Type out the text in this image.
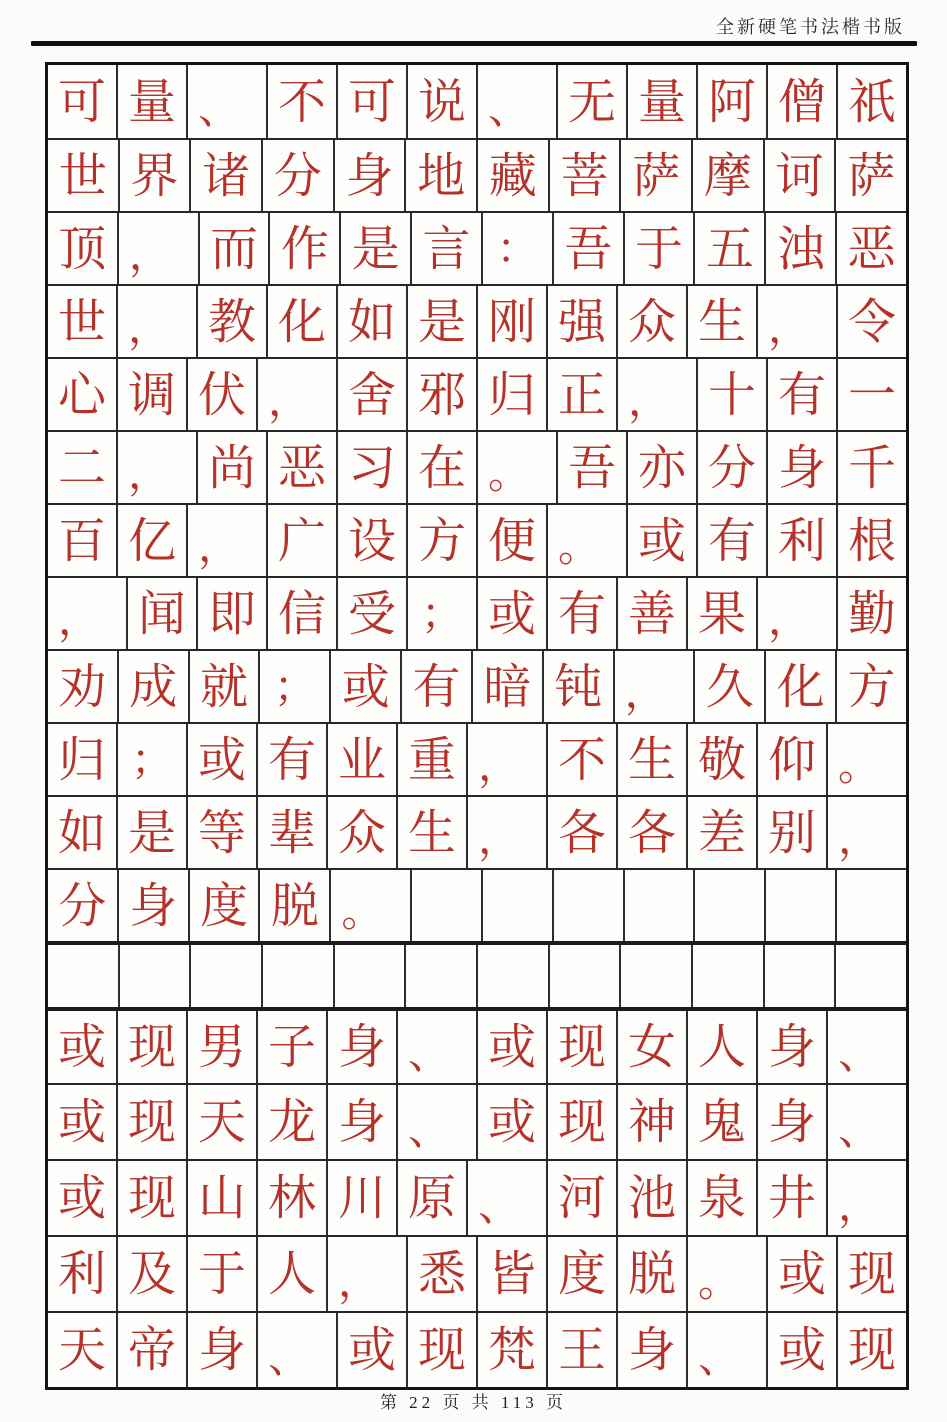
全新硬笔书法楷书版
可 量 、 不 可 说 、 无 量 阿 僧 祇
世 界 诸 分 身 地 藏 菩 萨 摩 诃 萨
顶 ， 而 作 是 言 ： 吾 于 五 浊 恶
世 ， 教 化 如 是 刚 强 众 生 ， 令
心 调 伏 ， 舍 邪 归 正 ， 十 有 一
二 ， 尚 恶 习 在 。 吾 亦 分 身 千
百 亿 ， 广 设 方 便 。 或 有 利 根
， 闻 即 信 受 ； 或 有 善 果 ， 勤
劝 成 就 ； 或 有 暗 钝 ， 久 化 方
归 ； 或 有 业 重 ， 不 生 敬 仰 。
如 是 等 辈 众 生 ， 各 各 差 别 ，
分 身 度 脱 。
或 现 男 子 身 、 或 现 女 人 身 、
或 现 天 龙 身 、 或 现 神 鬼 身 、
或 现 山 林 川 原 、 河 池 泉 井 ，
利 及 于 人 ， 悉 皆 度 脱 。 或 现
天 帝 身 、 或 现 梵 王 身 、 或 现
第 22 页 共 113 页
